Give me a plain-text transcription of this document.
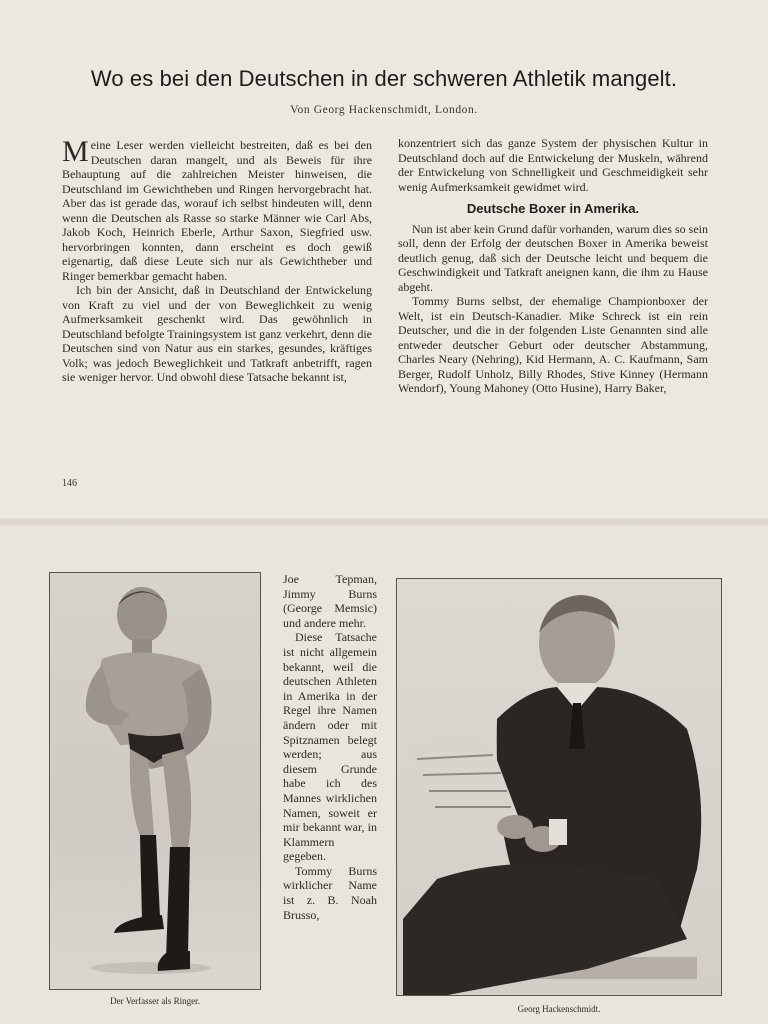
Wo es bei den Deutschen in der schweren Athletik mangelt.
Von Georg Hackenschmidt, London.

Meine Leser werden vielleicht bestreiten, daß es bei den Deutschen daran mangelt, und als Beweis für ihre Behauptung auf die zahlreichen Meister hinweisen, die Deutschland im Gewichtheben und Ringen hervorgebracht hat. Aber das ist gerade das, worauf ich selbst hindeuten will, denn wenn die Deutschen als Rasse so starke Männer wie Carl Abs, Jakob Koch, Heinrich Eberle, Arthur Saxon, Siegfried usw. hervorbringen konnten, dann erscheint es doch gewiß eigenartig, daß diese Leute sich nur als Gewichtheber und Ringer bemerkbar gemacht haben.

Ich bin der Ansicht, daß in Deutschland der Entwickelung von Kraft zu viel und der von Beweglichkeit zu wenig Aufmerksamkeit geschenkt wird. Das gewöhnlich in Deutschland befolgte Trainingsystem ist ganz verkehrt, denn die Deutschen sind von Natur aus ein starkes, gesundes, kräftiges Volk; was jedoch Beweglichkeit und Tatkraft anbetrifft, ragen sie weniger hervor. Und obwohl diese Tatsache bekannt ist,

konzentriert sich das ganze System der physischen Kultur in Deutschland doch auf die Entwickelung der Muskeln, während der Entwickelung von Schnelligkeit und Geschmeidigkeit sehr wenig Aufmerksamkeit gewidmet wird.

Deutsche Boxer in Amerika.

Nun ist aber kein Grund dafür vorhanden, warum dies so sein soll, denn der Erfolg der deutschen Boxer in Amerika beweist deutlich genug, daß sich der Deutsche leicht und bequem die Geschwindigkeit und Tatkraft aneignen kann, die ihm zu Hause abgeht.

Tommy Burns selbst, der ehemalige Championboxer der Welt, ist ein Deutsch-Kanadier. Mike Schreck ist ein rein Deutscher, und die in der folgenden Liste Genannten sind alle entweder deutscher Geburt oder deutscher Abstammung, Charles Neary (Nehring), Kid Hermann, A. C. Kaufmann, Sam Berger, Rudolf Unholz, Billy Rhodes, Stive Kinney (Hermann Wendorf), Young Mahoney (Otto Husine), Harry Baker,

146
Der Verfasser als Ringer.

Joe Tepman, Jimmy Burns (George Memsic) und andere mehr.

Diese Tatsache ist nicht allgemein bekannt, weil die deutschen Athleten in Amerika in der Regel ihre Namen ändern oder mit Spitznamen belegt werden; aus diesem Grunde habe ich des Mannes wirklichen Namen, soweit er mir bekannt war, in Klammern gegeben.

Tommy Burns wirklicher Name ist z. B. Noah Brusso,

Georg Hackenschmidt.
